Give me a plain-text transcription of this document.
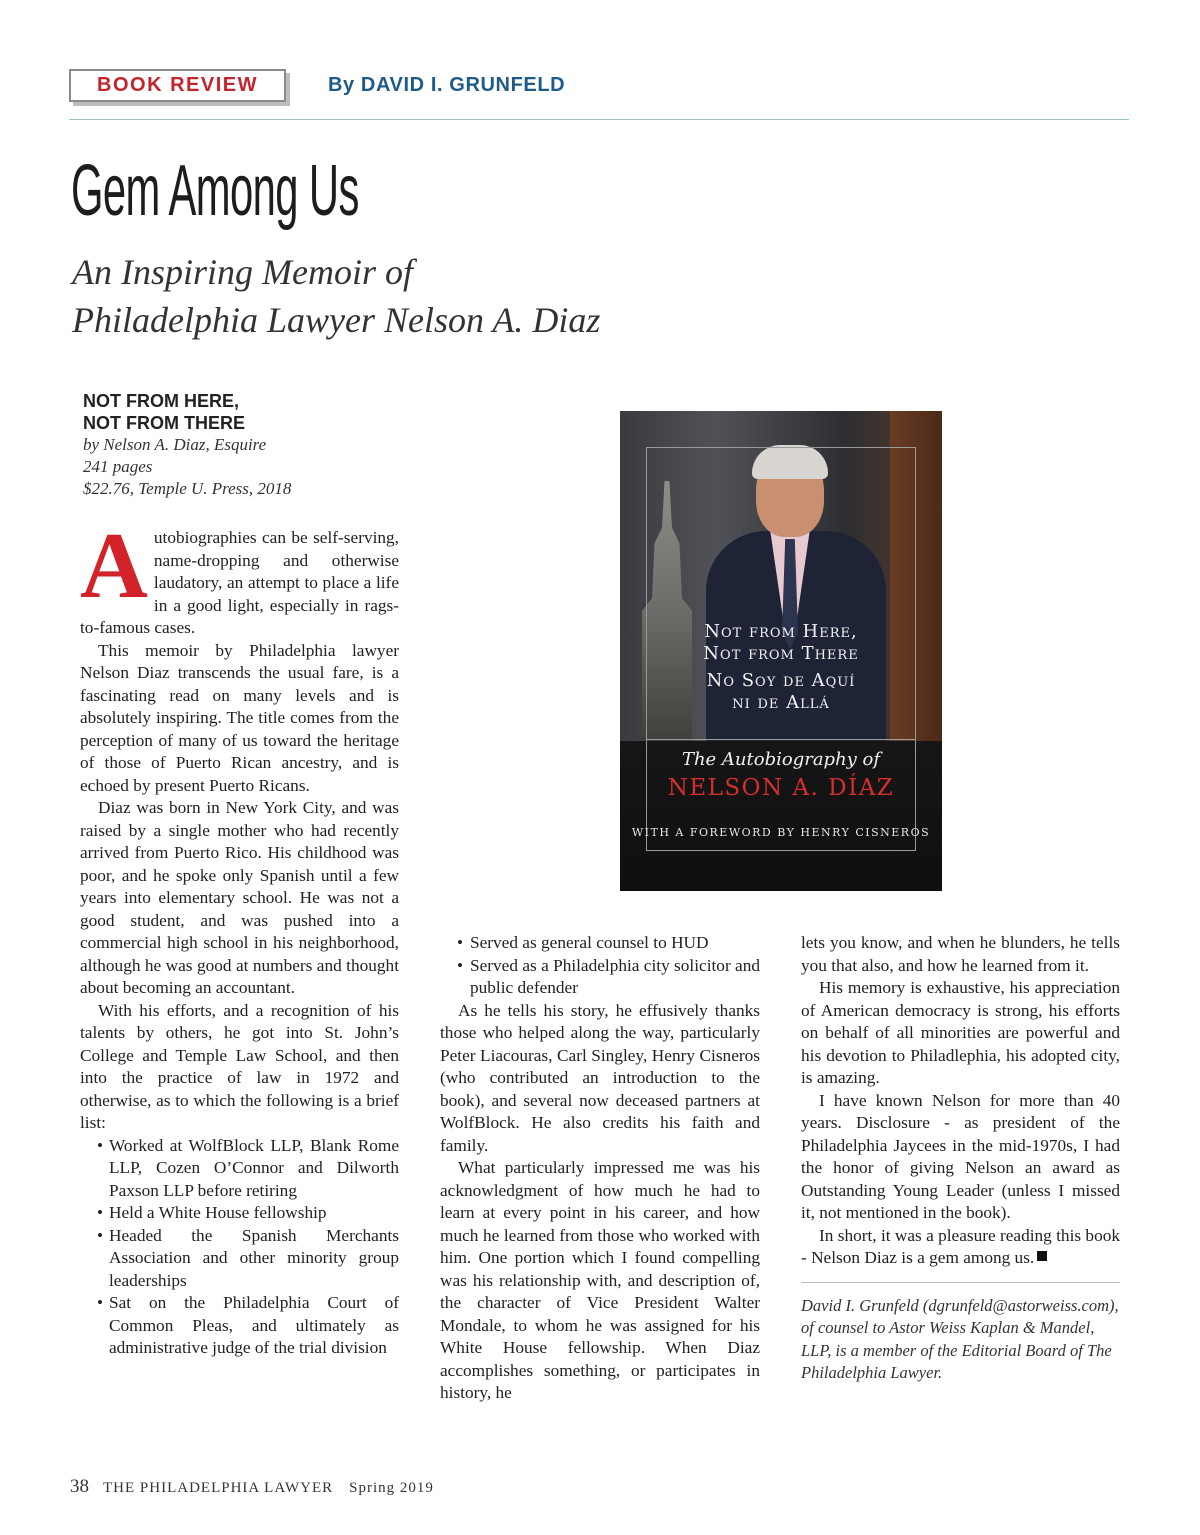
BOOK REVIEW	By DAVID I. GRUNFELD
Gem Among Us
An Inspiring Memoir of
Philadelphia Lawyer Nelson A. Diaz
NOT FROM HERE,
NOT FROM THERE
by Nelson A. Diaz, Esquire
241 pages
$22.76, Temple U. Press, 2018
Not from Here,
Not from There
No Soy de Aquí
ni de Allá
The Autobiography of
NELSON A. DÍAZ
WITH A FOREWORD BY HENRY CISNEROS

Autobiographies can be self-serving, name-dropping and otherwise laudatory, an attempt to place a life in a good light, especially in rags-to-famous cases.

This memoir by Philadelphia lawyer Nelson Diaz transcends the usual fare, is a fascinating read on many levels and is absolutely inspiring. The title comes from the perception of many of us toward the heritage of those of Puerto Rican ancestry, and is echoed by present Puerto Ricans.

Diaz was born in New York City, and was raised by a single mother who had recently arrived from Puerto Rico. His childhood was poor, and he spoke only Spanish until a few years into elementary school. He was not a good student, and was pushed into a commercial high school in his neighborhood, although he was good at numbers and thought about becoming an accountant.

With his efforts, and a recognition of his talents by others, he got into St. John’s College and Temple Law School, and then into the practice of law in 1972 and otherwise, as to which the following is a brief list:

• Worked at WolfBlock LLP, Blank Rome LLP, Cozen O’Connor and Dilworth Paxson LLP before retiring
• Held a White House fellowship
• Headed the Spanish Merchants Association and other minority group leaderships
• Sat on the Philadelphia Court of Common Pleas, and ultimately as administrative judge of the trial division
• Served as general counsel to HUD
• Served as a Philadelphia city solicitor and public defender

As he tells his story, he effusively thanks those who helped along the way, particularly Peter Liacouras, Carl Singley, Henry Cisneros (who contributed an introduction to the book), and several now deceased partners at WolfBlock. He also credits his faith and family.

What particularly impressed me was his acknowledgment of how much he had to learn at every point in his career, and how much he learned from those who worked with him. One portion which I found compelling was his relationship with, and description of, the character of Vice President Walter Mondale, to whom he was assigned for his White House fellowship. When Diaz accomplishes something, or participates in history, he

lets you know, and when he blunders, he tells you that also, and how he learned from it.

His memory is exhaustive, his appreciation of American democracy is strong, his efforts on behalf of all minorities are powerful and his devotion to Philadlephia, his adopted city, is amazing.

I have known Nelson for more than 40 years. Disclosure - as president of the Philadelphia Jaycees in the mid-1970s, I had the honor of giving Nelson an award as Outstanding Young Leader (unless I missed it, not mentioned in the book).

In short, it was a pleasure reading this book - Nelson Diaz is a gem among us.

David I. Grunfeld (dgrunfeld@astorweiss.com), of counsel to Astor Weiss Kaplan & Mandel, LLP, is a member of the Editorial Board of The Philadelphia Lawyer.

38 THE PHILADELPHIA LAWYER Spring 2019
